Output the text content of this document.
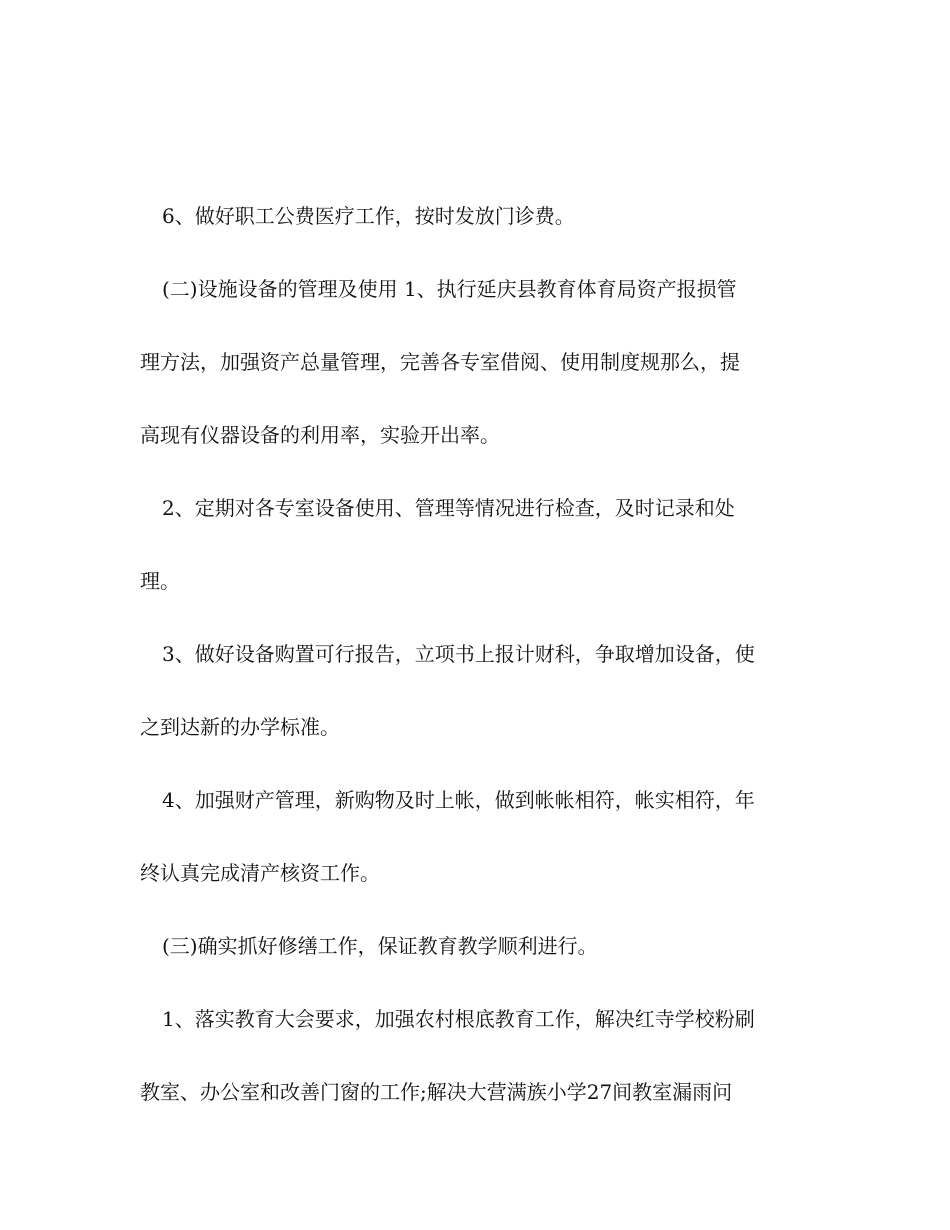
6、做好职工公费医疗工作，按时发放门诊费。
(二)设施设备的管理及使用 1、执行延庆县教育体育局资产报损管
理方法，加强资产总量管理，完善各专室借阅、使用制度规那么，提
高现有仪器设备的利用率，实验开出率。
2、定期对各专室设备使用、管理等情况进行检查，及时记录和处
理。
3、做好设备购置可行报告，立项书上报计财科，争取增加设备，使
之到达新的办学标准。
4、加强财产管理，新购物及时上帐，做到帐帐相符，帐实相符，年
终认真完成清产核资工作。
(三)确实抓好修缮工作，保证教育教学顺利进行。
1、落实教育大会要求，加强农村根底教育工作，解决红寺学校粉刷
教室、办公室和改善门窗的工作;解决大营满族小学27间教室漏雨问
